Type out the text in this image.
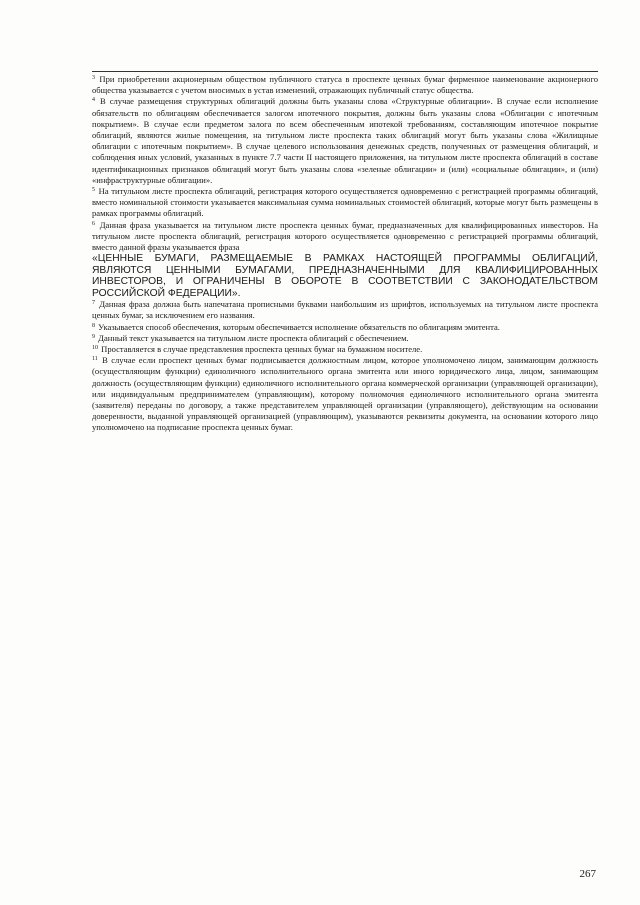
$^3$ При приобретении акционерным обществом публичного статуса в проспекте ценных бумаг фирменное наименование акционерного общества указывается с учетом вносимых в устав изменений, отражающих публичный статус общества.

$^4$ В случае размещения структурных облигаций должны быть указаны слова «Структурные облигации». В случае если исполнение обязательств по облигациям обеспечивается залогом ипотечного покрытия, должны быть указаны слова «Облигации с ипотечным покрытием». В случае если предметом залога по всем обеспеченным ипотекой требованиям, составляющим ипотечное покрытие облигаций, являются жилые помещения, на титульном листе проспекта таких облигаций могут быть указаны слова «Жилищные облигации с ипотечным покрытием». В случае целевого использования денежных средств, полученных от размещения облигаций, и соблюдения иных условий, указанных в пункте 7.7 части II настоящего приложения, на титульном листе проспекта облигаций в составе идентификационных признаков облигаций могут быть указаны слова «зеленые облигации» и (или) «социальные облигации», и (или) «инфраструктурные облигации».

$^5$ На титульном листе проспекта облигаций, регистрация которого осуществляется одновременно с регистрацией программы облигаций, вместо номинальной стоимости указывается максимальная сумма номинальных стоимостей облигаций, которые могут быть размещены в рамках программы облигаций.

$^6$ Данная фраза указывается на титульном листе проспекта ценных бумаг, предназначенных для квалифицированных инвесторов. На титульном листе проспекта облигаций, регистрация которого осуществляется одновременно с регистрацией программы облигаций, вместо данной фразы указывается фраза

«ЦЕННЫЕ БУМАГИ, РАЗМЕЩАЕМЫЕ В РАМКАХ НАСТОЯЩЕЙ ПРОГРАММЫ ОБЛИГАЦИЙ, ЯВЛЯЮТСЯ ЦЕННЫМИ БУМАГАМИ, ПРЕДНАЗНАЧЕННЫМИ ДЛЯ КВАЛИФИЦИРОВАННЫХ ИНВЕСТОРОВ, И ОГРАНИЧЕНЫ В ОБОРОТЕ В СООТВЕТСТВИИ С ЗАКОНОДАТЕЛЬСТВОМ РОССИЙСКОЙ ФЕДЕРАЦИИ».

$^7$ Данная фраза должна быть напечатана прописными буквами наибольшим из шрифтов, используемых на титульном листе проспекта ценных бумаг, за исключением его названия.

$^8$ Указывается способ обеспечения, которым обеспечивается исполнение обязательств по облигациям эмитента.

$^9$ Данный текст указывается на титульном листе проспекта облигаций с обеспечением.

$^{10}$ Проставляется в случае представления проспекта ценных бумаг на бумажном носителе.

$^{11}$ В случае если проспект ценных бумаг подписывается должностным лицом, которое уполномочено лицом, занимающим должность (осуществляющим функции) единоличного исполнительного органа эмитента или иного юридического лица, лицом, занимающим должность (осуществляющим функции) единоличного исполнительного органа коммерческой организации (управляющей организации), или индивидуальным предпринимателем (управляющим), которому полномочия единоличного исполнительного органа эмитента (заявителя) переданы по договору, а также представителем управляющей организации (управляющего), действующим на основании доверенности, выданной управляющей организацией (управляющим), указываются реквизиты документа, на основании которого лицо уполномочено на подписание проспекта ценных бумаг.

267
